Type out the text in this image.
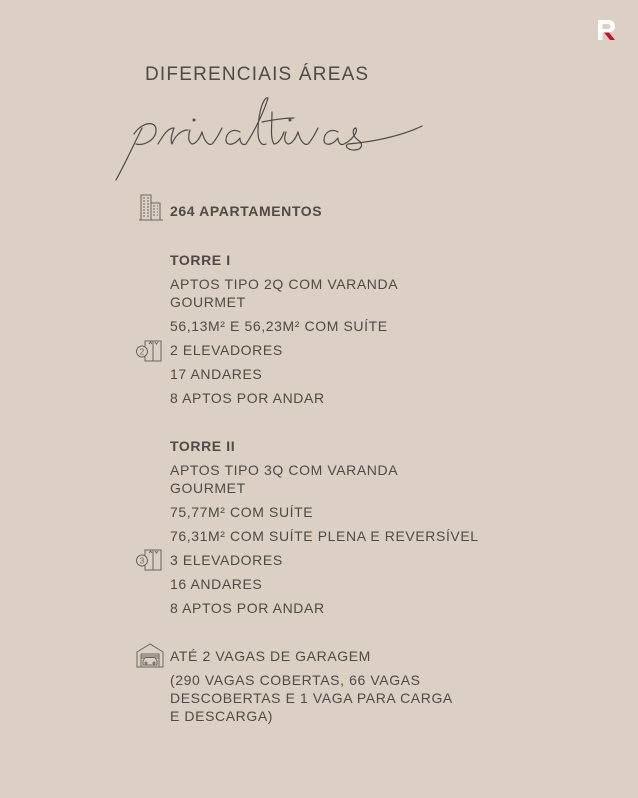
DIFERENCIAIS ÁREAS
264 APARTAMENTOS
TORRE I
APTOS TIPO 2Q COM VARANDA GOURMET
56,13M² E 56,23M² COM SUÍTE
2 2 ELEVADORES
17 ANDARES
8 APTOS POR ANDAR
TORRE II
APTOS TIPO 3Q COM VARANDA GOURMET
75,77M² COM SUÍTE
76,31M² COM SUÍTE PLENA E REVERSÍVEL
3 3 ELEVADORES
16 ANDARES
8 APTOS POR ANDAR
ATÉ 2 VAGAS DE GARAGEM
(290 VAGAS COBERTAS, 66 VAGAS DESCOBERTAS E 1 VAGA PARA CARGA E DESCARGA)
